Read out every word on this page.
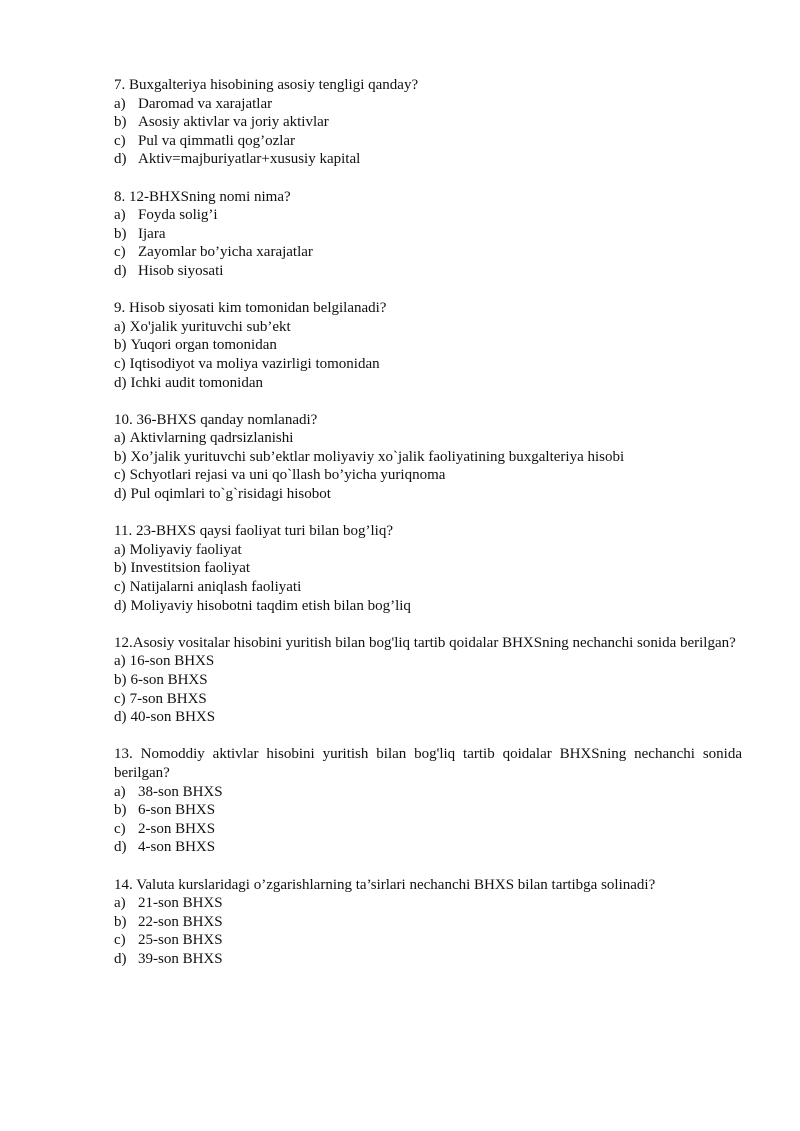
7. Buxgalteriya hisobining asosiy tengligi qanday?
a) Daromad va xarajatlar
b) Asosiy aktivlar va joriy aktivlar
c) Pul va qimmatli qog’ozlar
d) Aktiv=majburiyatlar+xususiy kapital
8. 12-BHXSning nomi nima?
a) Foyda solig’i
b) Ijara
c) Zayomlar bo’yicha xarajatlar
d) Hisob siyosati
9. Hisob siyosati kim tomonidan belgilanadi?
a) Xo'jalik yurituvchi sub’ekt
b) Yuqori organ tomonidan
c) Iqtisodiyot va moliya vazirligi tomonidan
d) Ichki audit tomonidan
10. 36-BHXS qanday nomlanadi?
a) Aktivlarning qadrsizlanishi
b) Xo’jalik yurituvchi sub’ektlar moliyaviy xo`jalik faoliyatining buxgalteriya hisobi
c) Schyotlari rejasi va uni qo`llash bo’yicha yuriqnoma
d) Pul oqimlari to`g`risidagi hisobot
11. 23-BHXS qaysi faoliyat turi bilan bog’liq?
a) Moliyaviy faoliyat
b) Investitsion faoliyat
c) Natijalarni aniqlash faoliyati
d) Moliyaviy hisobotni taqdim etish bilan bog’liq
12.Asosiy vositalar hisobini yuritish bilan bog'liq tartib qoidalar BHXSning nechanchi sonida berilgan?
a) 16-son BHXS
b) 6-son BHXS
c) 7-son BHXS
d) 40-son BHXS
13. Nomoddiy aktivlar hisobini yuritish bilan bog'liq tartib qoidalar BHXSning nechanchi sonida berilgan?
a) 38-son BHXS
b) 6-son BHXS
c) 2-son BHXS
d) 4-son BHXS
14. Valuta kurslaridagi o’zgarishlarning ta’sirlari nechanchi BHXS bilan tartibga solinadi?
a) 21-son BHXS
b) 22-son BHXS
c) 25-son BHXS
d) 39-son BHXS
